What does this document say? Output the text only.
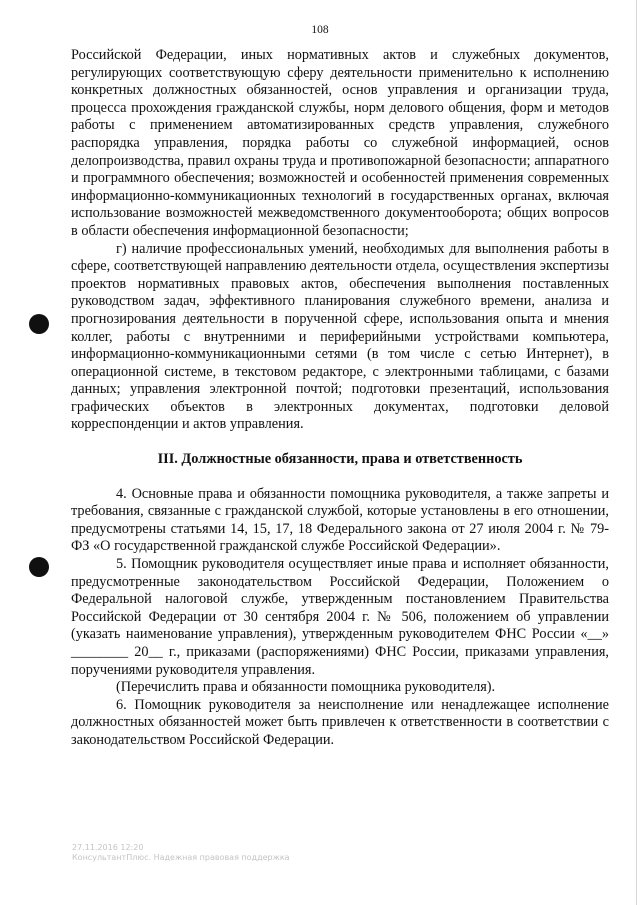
108

Российской Федерации, иных нормативных актов и служебных документов, регулирующих соответствующую сферу деятельности применительно к исполнению конкретных должностных обязанностей, основ управления и организации труда, процесса прохождения гражданской службы, норм делового общения, форм и методов работы с применением автоматизированных средств управления, служебного распорядка управления, порядка работы со служебной информацией, основ делопроизводства, правил охраны труда и противопожарной безопасности; аппаратного и программного обеспечения; возможностей и особенностей применения современных информационно-коммуникационных технологий в государственных органах, включая использование возможностей межведомственного документооборота; общих вопросов в области обеспечения информационной безопасности;

г) наличие профессиональных умений, необходимых для выполнения работы в сфере, соответствующей направлению деятельности отдела, осуществления экспертизы проектов нормативных правовых актов, обеспечения выполнения поставленных руководством задач, эффективного планирования служебного времени, анализа и прогнозирования деятельности в порученной сфере, использования опыта и мнения коллег, работы с внутренними и периферийными устройствами компьютера, информационно-коммуникационными сетями (в том числе с сетью Интернет), в операционной системе, в текстовом редакторе, с электронными таблицами, с базами данных; управления электронной почтой; подготовки презентаций, использования графических объектов в электронных документах, подготовки деловой корреспонденции и актов управления.

III. Должностные обязанности, права и ответственность

4. Основные права и обязанности помощника руководителя, а также запреты и требования, связанные с гражданской службой, которые установлены в его отношении, предусмотрены статьями 14, 15, 17, 18 Федерального закона от 27 июля 2004 г. № 79-ФЗ «О государственной гражданской службе Российской Федерации».

5. Помощник руководителя осуществляет иные права и исполняет обязанности, предусмотренные законодательством Российской Федерации, Положением о Федеральной налоговой службе, утвержденным постановлением Правительства Российской Федерации от 30 сентября 2004 г. № 506, положением об управлении (указать наименование управления), утвержденным руководителем ФНС России «__» ________ 20__ г., приказами (распоряжениями) ФНС России, приказами управления, поручениями руководителя управления.

(Перечислить права и обязанности помощника руководителя).

6. Помощник руководителя за неисполнение или ненадлежащее исполнение должностных обязанностей может быть привлечен к ответственности в соответствии с законодательством Российской Федерации.

27.11.2016 12:20
КонсультантПлюс. Надежная правовая поддержка
